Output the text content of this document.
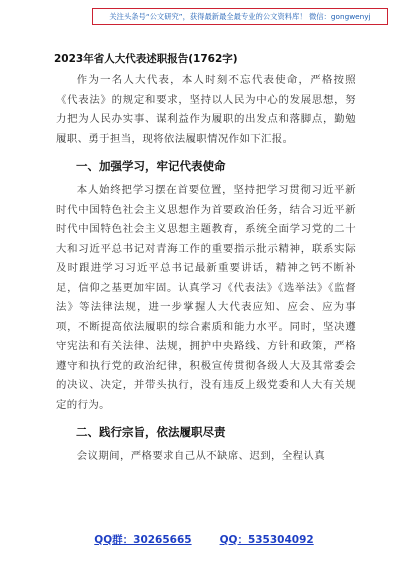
关注头条号“公文研究”，获得最新最全最专业的公文资料库！ 微信：gongwenyj
2023年省人大代表述职报告(1762字)

作为一名人大代表，本人时刻不忘代表使命，严格按照《代表法》的规定和要求，坚持以人民为中心的发展思想，努力把为人民办实事、谋利益作为履职的出发点和落脚点，勤勉履职、勇于担当，现将依法履职情况作如下汇报。

一、加强学习，牢记代表使命

本人始终把学习摆在首要位置，坚持把学习贯彻习近平新时代中国特色社会主义思想作为首要政治任务，结合习近平新时代中国特色社会主义思想主题教育，系统全面学习党的二十大和习近平总书记对青海工作的重要指示批示精神，联系实际及时跟进学习习近平总书记最新重要讲话，精神之钙不断补足，信仰之基更加牢固。认真学习《代表法》《选举法》《监督法》等法律法规，进一步掌握人大代表应知、应会、应为事项，不断提高依法履职的综合素质和能力水平。同时，坚决遵守宪法和有关法律、法规，拥护中央路线、方针和政策，严格遵守和执行党的政治纪律，积极宣传贯彻各级人大及其常委会的决议、决定，并带头执行，没有违反上级党委和人大有关规定的行为。

二、践行宗旨，依法履职尽责

会议期间，严格要求自己从不缺席、迟到，全程认真

QQ群：30265665	QQ：535304092
